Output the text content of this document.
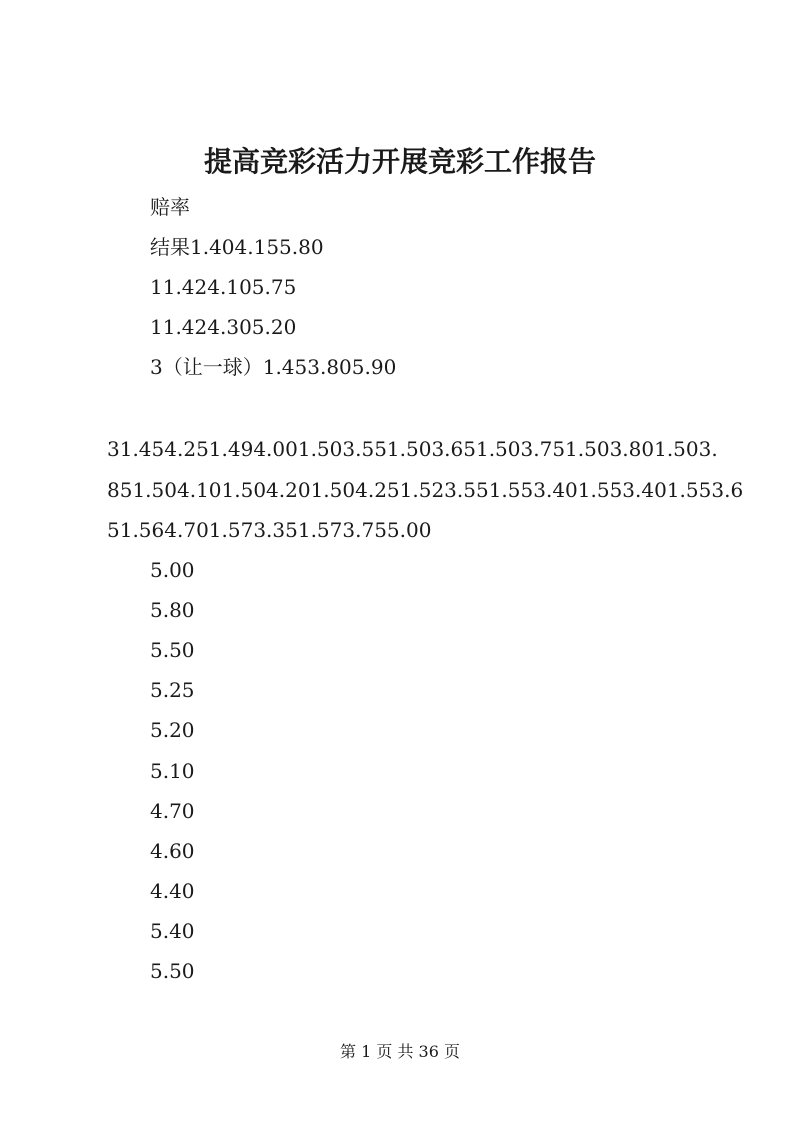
提高竞彩活力开展竞彩工作报告
赔率
结果1.404.155.80
11.424.105.75
11.424.305.20
3（让一球）1.453.805.90
31.454.251.494.001.503.551.503.651.503.751.503.801.503.
851.504.101.504.201.504.251.523.551.553.401.553.401.553.6
51.564.701.573.351.573.755.00
5.00
5.80
5.50
5.25
5.20
5.10
4.70
4.60
4.40
5.40
5.50
第 1 页 共 36 页
